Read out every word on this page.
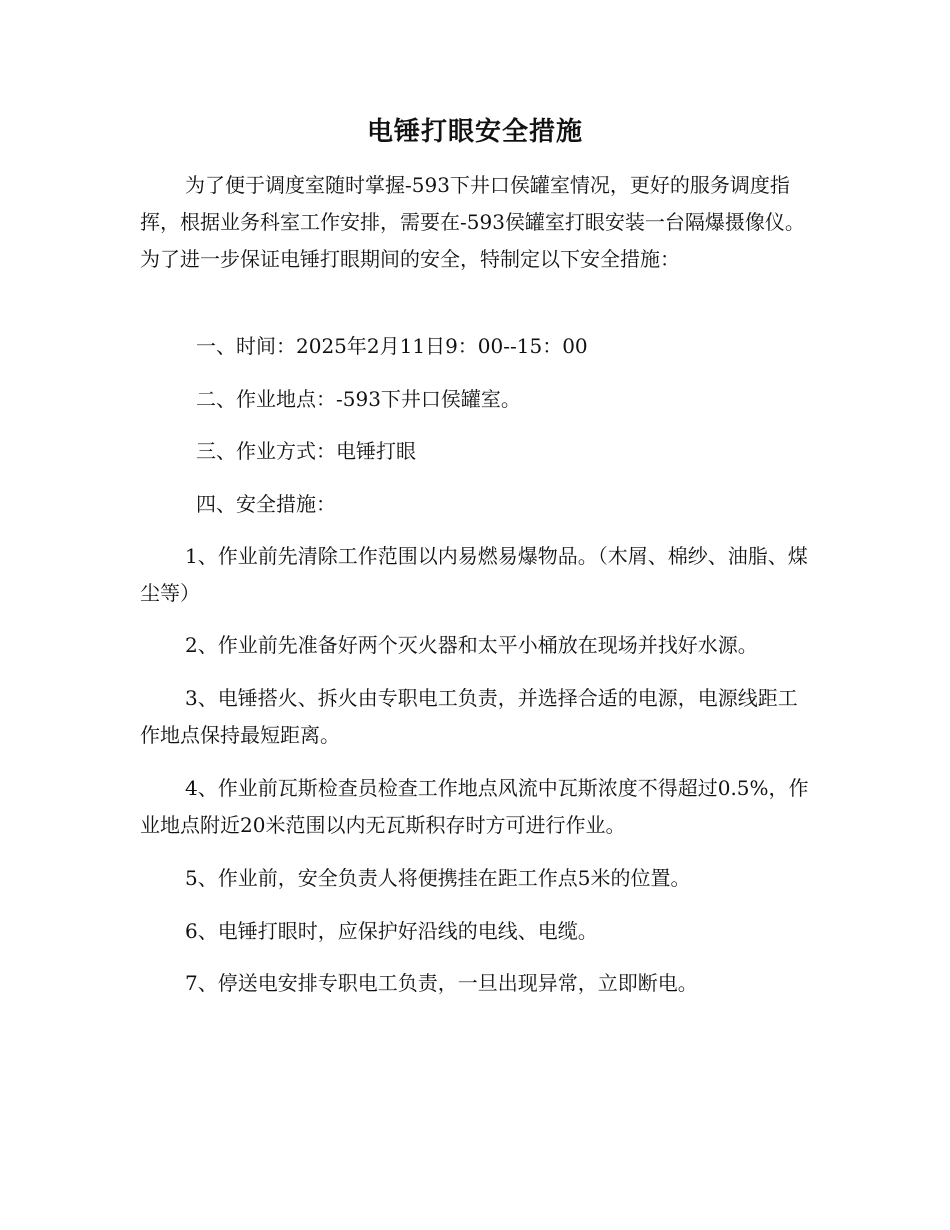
电锤打眼安全措施

为了便于调度室随时掌握-593下井口侯罐室情况，更好的服务调度指挥，根据业务科室工作安排，需要在-593侯罐室打眼安装一台隔爆摄像仪。为了进一步保证电锤打眼期间的安全，特制定以下安全措施：

一、时间：2025年2月11日9：00--15：00

二、作业地点：-593下井口侯罐室。

三、作业方式：电锤打眼

四、安全措施：

1、作业前先清除工作范围以内易燃易爆物品。（木屑、棉纱、油脂、煤尘等）

2、作业前先准备好两个灭火器和太平小桶放在现场并找好水源。

3、电锤搭火、拆火由专职电工负责，并选择合适的电源，电源线距工作地点保持最短距离。

4、作业前瓦斯检查员检查工作地点风流中瓦斯浓度不得超过0.5%，作业地点附近20米范围以内无瓦斯积存时方可进行作业。

5、作业前，安全负责人将便携挂在距工作点5米的位置。

6、电锤打眼时，应保护好沿线的电线、电缆。

7、停送电安排专职电工负责，一旦出现异常，立即断电。
